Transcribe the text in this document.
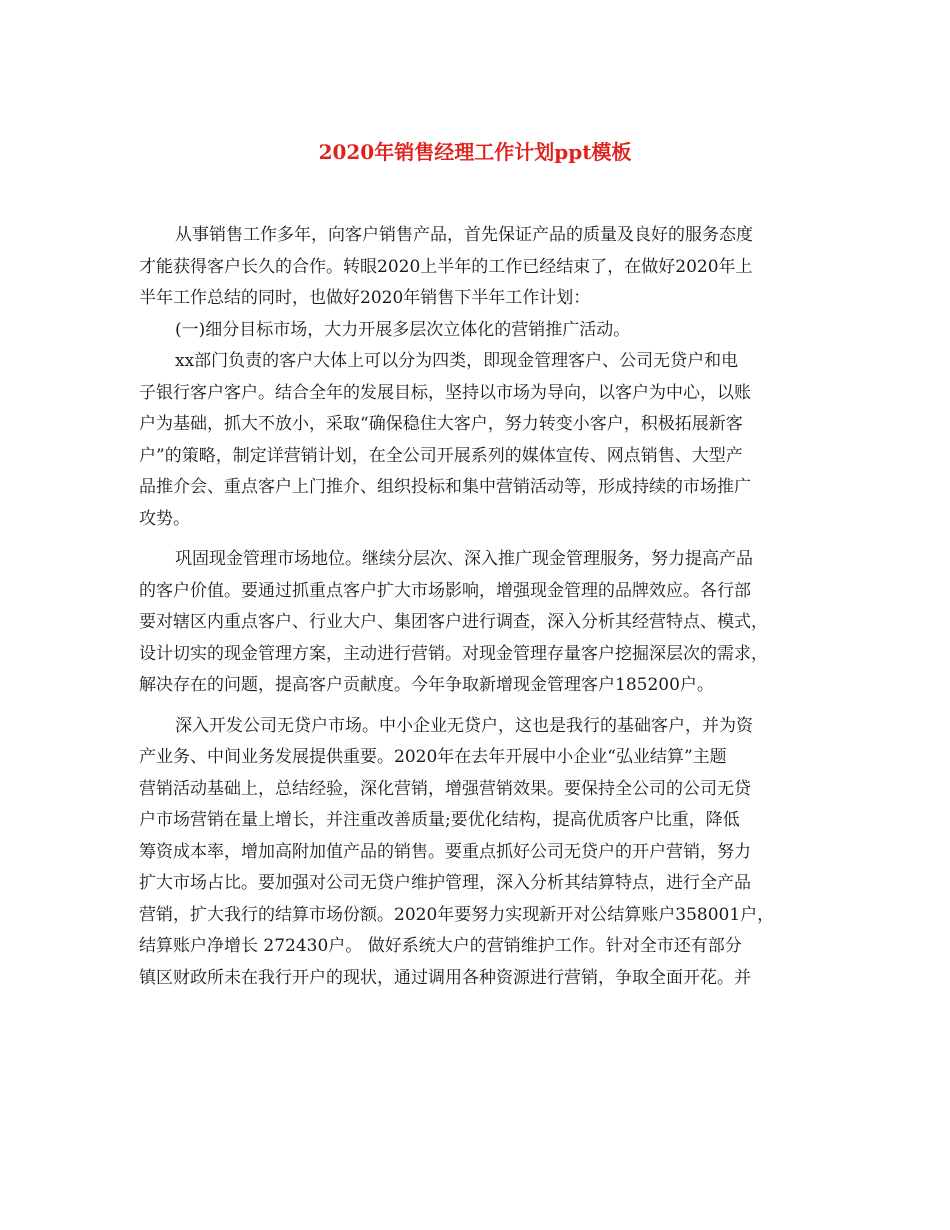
2020年销售经理工作计划ppt模板
从事销售工作多年，向客户销售产品，首先保证产品的质量及良好的服务态度
才能获得客户长久的合作。转眼2020上半年的工作已经结束了，在做好2020年上
半年工作总结的同时，也做好2020年销售下半年工作计划：
(一)细分目标市场，大力开展多层次立体化的营销推广活动。
xx部门负责的客户大体上可以分为四类，即现金管理客户、公司无贷户和电
子银行客户客户。结合全年的发展目标，坚持以市场为导向，以客户为中心，以账
户为基础，抓大不放小，采取“确保稳住大客户，努力转变小客户，积极拓展新客
户”的策略，制定详营销计划，在全公司开展系列的媒体宣传、网点销售、大型产
品推介会、重点客户上门推介、组织投标和集中营销活动等，形成持续的市场推广
攻势。
巩固现金管理市场地位。继续分层次、深入推广现金管理服务，努力提高产品
的客户价值。要通过抓重点客户扩大市场影响，增强现金管理的品牌效应。各行部
要对辖区内重点客户、行业大户、集团客户进行调查，深入分析其经营特点、模式，
设计切实的现金管理方案，主动进行营销。对现金管理存量客户挖掘深层次的需求，
解决存在的问题，提高客户贡献度。今年争取新增现金管理客户185200户。
深入开发公司无贷户市场。中小企业无贷户，这也是我行的基础客户，并为资
产业务、中间业务发展提供重要。2020年在去年开展中小企业“弘业结算”主题
营销活动基础上，总结经验，深化营销，增强营销效果。要保持全公司的公司无贷
户市场营销在量上增长，并注重改善质量;要优化结构，提高优质客户比重，降低
筹资成本率，增加高附加值产品的销售。要重点抓好公司无贷户的开户营销，努力
扩大市场占比。要加强对公司无贷户维护管理，深入分析其结算特点，进行全产品
营销，扩大我行的结算市场份额。2020年要努力实现新开对公结算账户358001户，
结算账户净增长 272430户。 做好系统大户的营销维护工作。针对全市还有部分
镇区财政所未在我行开户的现状，通过调用各种资源进行营销，争取全面开花。并
